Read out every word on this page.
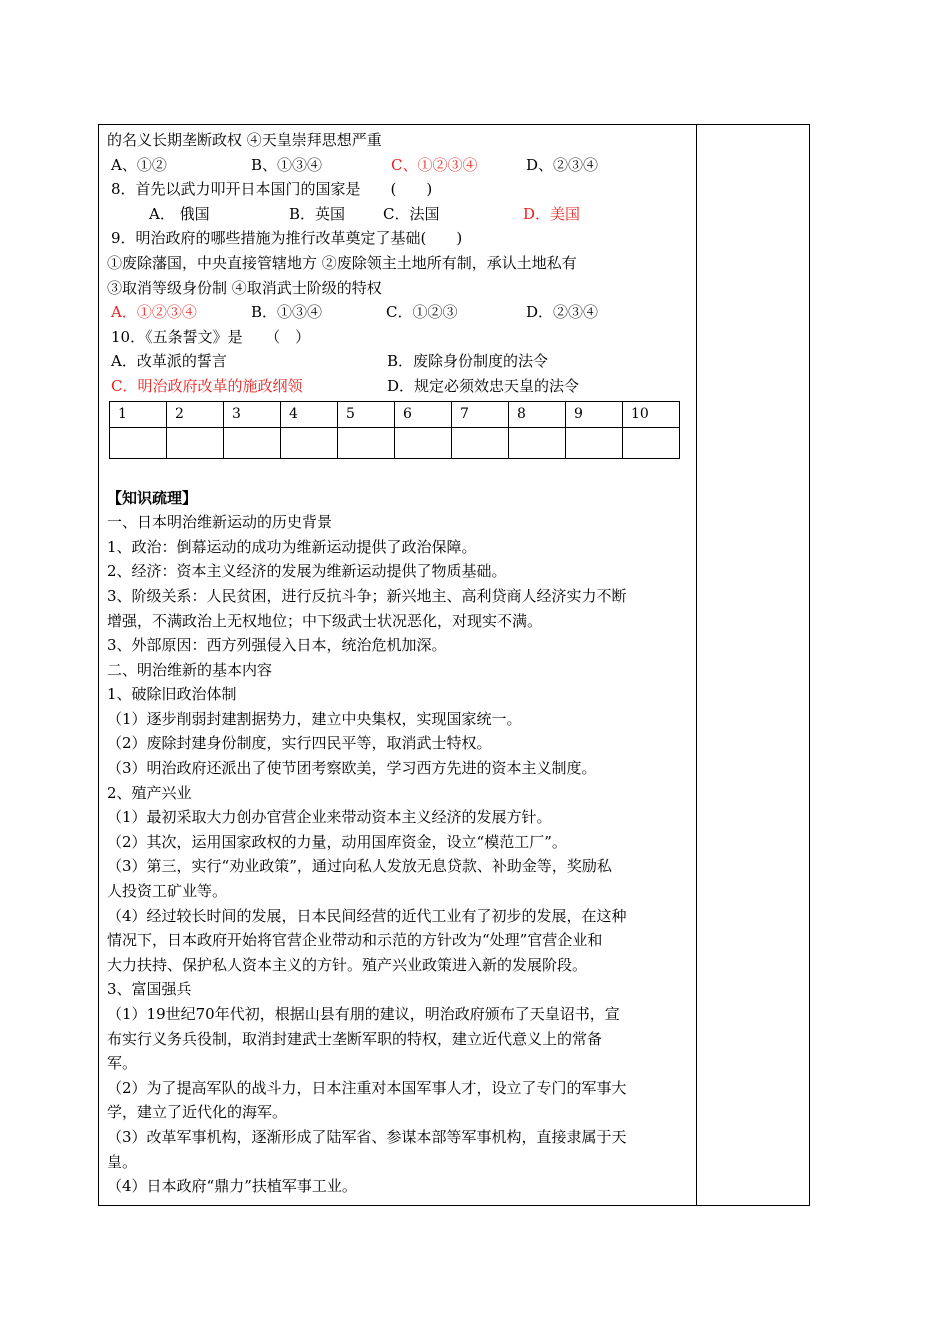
的名义长期垄断政权 ④天皇崇拜思想严重
A、①②	B、①③④	C、①②③④	D、②③④
8．首先以武力叩开日本国门的国家是　　(　　)
A． 俄国	B．英国	C．法国	D．美国
9．明治政府的哪些措施为推行改革奠定了基础(　　)
①废除藩国，中央直接管辖地方 ②废除领主土地所有制，承认土地私有
③取消等级身份制 ④取消武士阶级的特权
A．①②③④	B．①③④	C．①②③	D．②③④
10．《五条誓文》是　　（　）
A．改革派的誓言	B．废除身份制度的法令
C．明治政府改革的施政纲领	D．规定必须效忠天皇的法令
1	2	3	4	5	6	7	8	9	10

【知识疏理】
一、日本明治维新运动的历史背景
1、政治：倒幕运动的成功为维新运动提供了政治保障。
2、经济：资本主义经济的发展为维新运动提供了物质基础。
3、阶级关系：人民贫困，进行反抗斗争；新兴地主、高利贷商人经济实力不断
增强，不满政治上无权地位；中下级武士状况恶化，对现实不满。
3、外部原因：西方列强侵入日本，统治危机加深。
二、明治维新的基本内容
1、破除旧政治体制
（1）逐步削弱封建割据势力，建立中央集权，实现国家统一。
（2）废除封建身份制度，实行四民平等，取消武士特权。
（3）明治政府还派出了使节团考察欧美，学习西方先进的资本主义制度。
2、殖产兴业
（1）最初采取大力创办官营企业来带动资本主义经济的发展方针。
（2）其次，运用国家政权的力量，动用国库资金，设立“模范工厂”。
（3）第三，实行“劝业政策”，通过向私人发放无息贷款、补助金等，奖励私
人投资工矿业等。
（4）经过较长时间的发展，日本民间经营的近代工业有了初步的发展，在这种
情况下，日本政府开始将官营企业带动和示范的方针改为“处理”官营企业和
大力扶持、保护私人资本主义的方针。殖产兴业政策进入新的发展阶段。
3、富国强兵
（1）19世纪70年代初，根据山县有朋的建议，明治政府颁布了天皇诏书，宣
布实行义务兵役制，取消封建武士垄断军职的特权，建立近代意义上的常备
军。
（2）为了提高军队的战斗力，日本注重对本国军事人才，设立了专门的军事大
学，建立了近代化的海军。
（3）改革军事机构，逐渐形成了陆军省、参谋本部等军事机构，直接隶属于天
皇。
（4）日本政府“鼎力”扶植军事工业。
